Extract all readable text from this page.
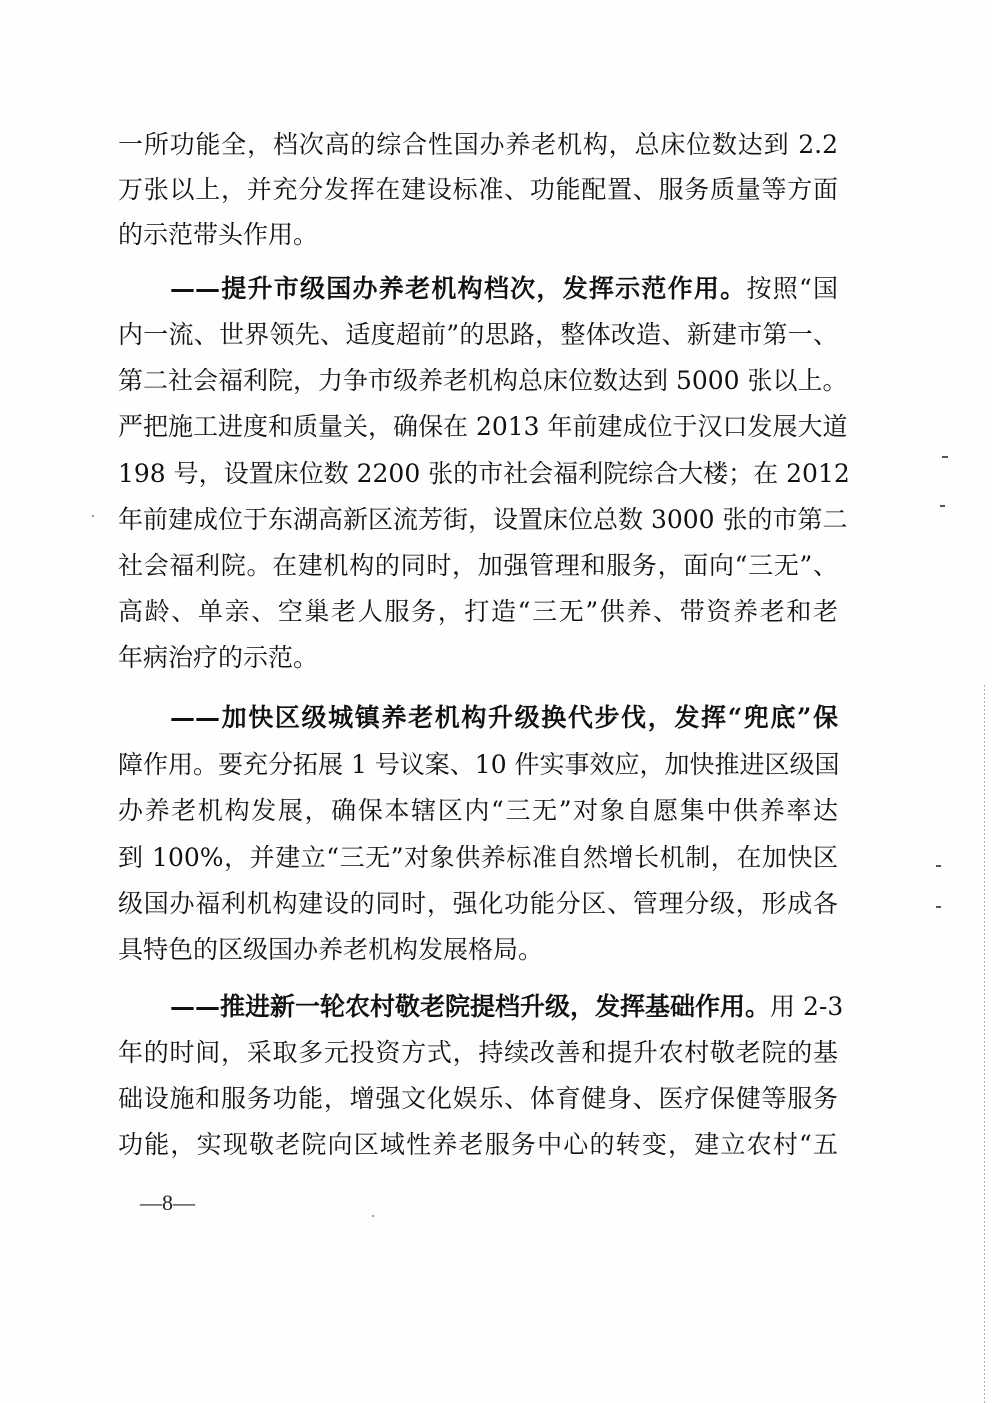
一所功能全，档次高的综合性国办养老机构，总床位数达到 2.2
万张以上，并充分发挥在建设标准、功能配置、服务质量等方面
的示范带头作用。
——提升市级国办养老机构档次，发挥示范作用。按照“国
内一流、世界领先、适度超前”的思路，整体改造、新建市第一、
第二社会福利院，力争市级养老机构总床位数达到 5000 张以上。
严把施工进度和质量关，确保在 2013 年前建成位于汉口发展大道
198 号，设置床位数 2200 张的市社会福利院综合大楼；在 2012
年前建成位于东湖高新区流芳街，设置床位总数 3000 张的市第二
社会福利院。在建机构的同时，加强管理和服务，面向“三无”、
高龄、单亲、空巢老人服务，打造“三无”供养、带资养老和老
年病治疗的示范。
——加快区级城镇养老机构升级换代步伐，发挥“兜底”保
障作用。要充分拓展 1 号议案、10 件实事效应，加快推进区级国
办养老机构发展，确保本辖区内“三无”对象自愿集中供养率达
到 100%，并建立“三无”对象供养标准自然增长机制，在加快区
级国办福利机构建设的同时，强化功能分区、管理分级，形成各
具特色的区级国办养老机构发展格局。
——推进新一轮农村敬老院提档升级，发挥基础作用。用 2-3
年的时间，采取多元投资方式，持续改善和提升农村敬老院的基
础设施和服务功能，增强文化娱乐、体育健身、医疗保健等服务
功能，实现敬老院向区域性养老服务中心的转变，建立农村“五
—8—
